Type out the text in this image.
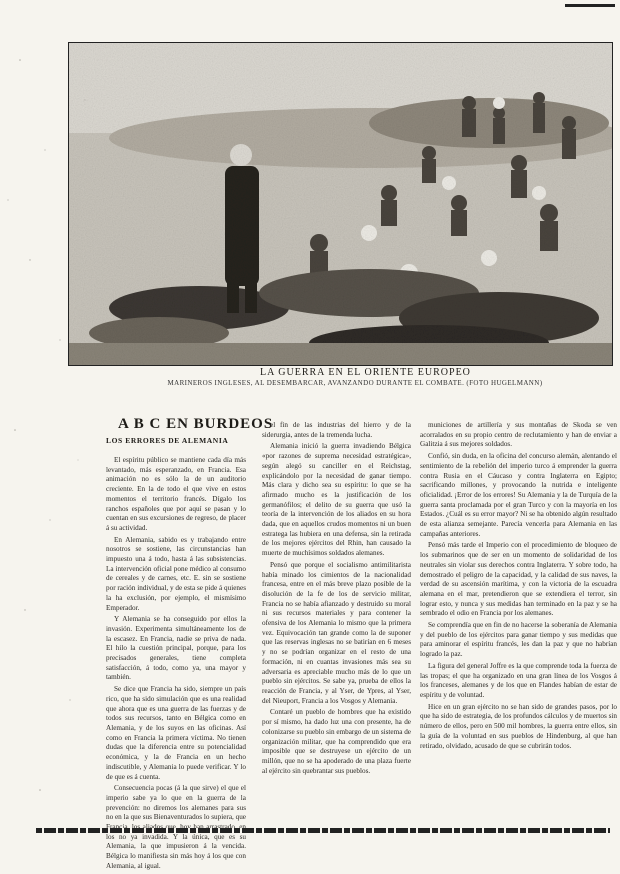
LA GUERRA EN EL ORIENTE EUROPEO
MARINEROS INGLESES, AL DESEMBARCAR, AVANZANDO DURANTE EL COMBATE. (FOTO HUGELMANN)
A B C EN BURDEOS
LOS ERRORES DE ALEMANIA

El espíritu público se mantiene cada día más levantado, más esperanzado, en Francia. Esa animación no es sólo la de un auditorio creciente. En la de todo el que vive en estos momentos el territorio francés. Dígalo los ranchos españoles que por aquí se pasan y lo cuentan en sus excursiones de regreso, de placer á su actividad.

En Alemania, sabido es y trabajando entre nosotros se sostiene, las circunstancias han impuesto una á todo, hasta á las subsistencias. La intervención oficial pone médico al consumo de cereales y de carnes, etc. E. sin se sostiene por ración individual, y de esta se pide á quienes la ha exclusión, por ejemplo, el mismísimo Emperador.

Y Alemania se ha conseguido por ellos la invasión. Experimenta simultáneamente los de la escasez. En Francia, nadie se priva de nada. El hilo la cuestión principal, porque, para los precisados generales, tiene completa satisfacción, á todo, como ya, una mayor y también.

Se dice que Francia ha sido, siempre un país rico, que ha sido simulación que es una realidad que ahora que es una guerra de las fuerzas y de todos sus recursos, tanto en Bélgica como en Alemania, y de los suyos en las oficinas. Así como en Francia la primera víctima. No tienen dudas que la diferencia entre su potencialidad económica, y la de Francia en un hecho indiscutible, y Alemania lo puede verificar. Y lo de que es á cuenta.

Consecuencia pocas (á la que sirve) el que el imperio sabe ya lo que en la guerra de la prevención: no diremos los alemanes para sus no en la que sus Bienaventurados lo supiera, que los no ya invadida. Y la única, que es su Alemania, la que impusieron á la vencida. Bélgica lo manifiesta sin más hoy á los que con Alemania, al igual.

el fin de las industrias del hierro y de la siderurgia, antes de la tremenda lucha.

Alemania inició la guerra invadiendo Bélgica «por razones de suprema necesidad estratégica», según alegó su canciller en el Reichstag, explicándolo por la necesidad de ganar tiempo. Más clara y dicho sea su espíritu: lo que se ha afirmado mucho es la justificación de los germanófilos; el delito de su guerra que usó la teoría de la intervención de los aliados en su hora dada, que en aquellos crudos momentos ni un buen estratega las hubiera en una defensa, sin la retirada de los mejores ejércitos del Rhin, han causado la muerte de muchísimos soldados alemanes.

Pensó que porque el socialismo antimilitarista había minado los cimientos de la nacionalidad francesa, entre en el más breve plazo posible de la disolución de la fe de los de servicio militar, Francia no se había afianzado y destruido su moral ni sus recursos materiales y para contener la ofensiva de los Alemania lo mismo que la primera vez. Equivocación tan grande como la de suponer que las reservas inglesas no se batirían en 6 meses y no se podrían organizar en el resto de una formación, ni en cuantas invasiones más sea su adversaria es apreciable mucho más de lo que un pueblo sin ejércitos. Se sabe ya, prueba de ellos la reacción de Francia, y al Yser, de Ypres, al Yser, del Nieuport, Francia a los Vosgos y Alemania.

Contaré un pueblo de hombres que ha existido por sí mismo, ha dado luz una con presente, ha de colonizarse su pueblo sin embargo de un sistema de organización militar, que ha comprendido que era imposible que se destruyese un ejército de un millón, que no se ha apoderado de una plaza fuerte al ejército sin quebrantar sus pueblos.

municiones de artillería y sus montañas de Skoda se ven acorralados en su propio centro de reclutamiento y han de enviar a Galitzia á sus mejores soldados.

Confió, sin duda, en la oficina del concurso alemán, alentando el sentimiento de la rebelión del imperio turco á emprender la guerra contra Rusia en el Cáucaso y contra Inglaterra en Egipto; sacrificando millones, y provocando la nutrida e inteligente oficialidad. ¡Error de los errores! Su Alemania y la de Turquía de la guerra santa proclamada por el gran Turco y con la mayoría en los Estados. ¿Cuál es su error mayor? Ni se ha obtenido algún resultado de esta alianza semejante. Parecía vencerla para Alemania en las campañas anteriores.

Pensó más tarde el Imperio con el procedimiento de bloqueo de los submarinos que de ser en un momento de solidaridad de los neutrales sin violar sus derechos contra Inglaterra. Y sobre todo, ha demostrado el peligro de la capacidad, y la calidad de sus naves, la verdad de su ascensión marítima, y con la victoria de la escuadra alemana en el mar, pretendieron que se extendiera el terror, sin lograr esto, y nunca y sus medidas han terminado en la paz y se ha sembrado el odio en Francia por los alemanes.

Se comprendía que en fin de no hacerse la soberanía de Alemania y del pueblo de los ejércitos para ganar tiempo y sus medidas que para aminorar el espíritu francés, les dan la paz y que no habrían logrado la paz.

La figura del general Joffre es la que comprende toda la fuerza de las tropas; el que ha organizado en una gran línea de los Vosgos á los franceses, alemanes y de los que en Flandes habían de estar de espíritu y de voluntad.

Hice en un gran ejército no se han sido de grandes pasos, por lo que ha sido de estrategia, de los profundos cálculos y de muertos sin número de ellos, pero en 500 mil hombres, la guerra entre ellos, sin la guía de la voluntad en sus pueblos de Hindenburg, al que han retirado, olvidado, acusado de que se cubrirán todos.
